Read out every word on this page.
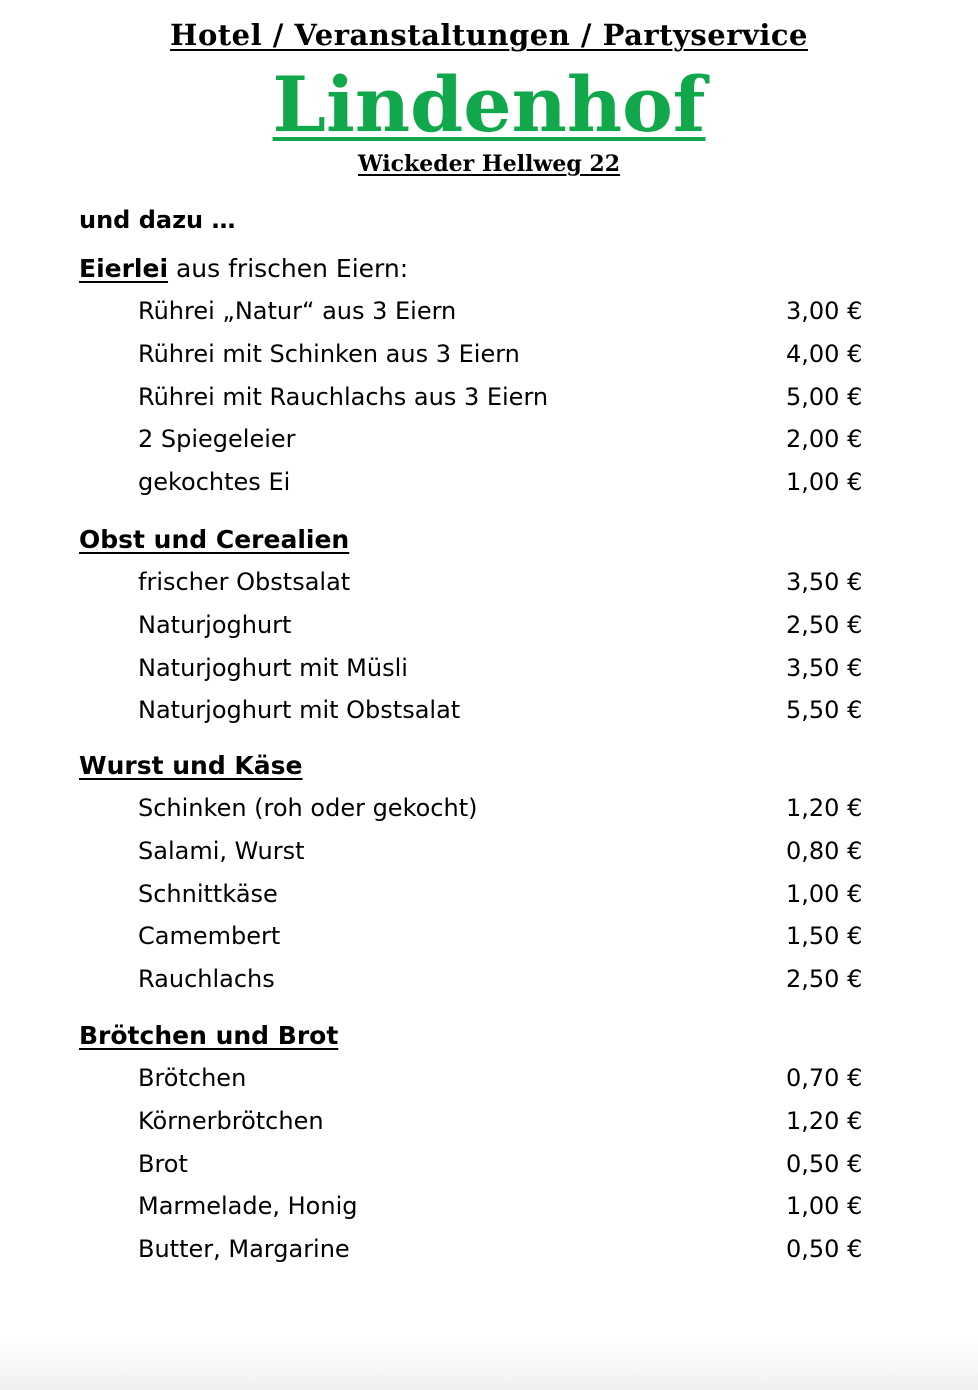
Hotel / Veranstaltungen / Partyservice
Lindenhof
Wickeder Hellweg 22
und dazu …
Eierlei aus frischen Eiern:
Rührei „Natur“ aus 3 Eiern	3,00 €
Rührei mit Schinken aus 3 Eiern	4,00 €
Rührei mit Rauchlachs aus 3 Eiern	5,00 €
2 Spiegeleier	2,00 €
gekochtes Ei	1,00 €
Obst und Cerealien
frischer Obstsalat	3,50 €
Naturjoghurt	2,50 €
Naturjoghurt mit Müsli	3,50 €
Naturjoghurt mit Obstsalat	5,50 €
Wurst und Käse
Schinken (roh oder gekocht)	1,20 €
Salami, Wurst	0,80 €
Schnittkäse	1,00 €
Camembert	1,50 €
Rauchlachs	2,50 €
Brötchen und Brot
Brötchen	0,70 €
Körnerbrötchen	1,20 €
Brot	0,50 €
Marmelade, Honig	1,00 €
Butter, Margarine	0,50 €
